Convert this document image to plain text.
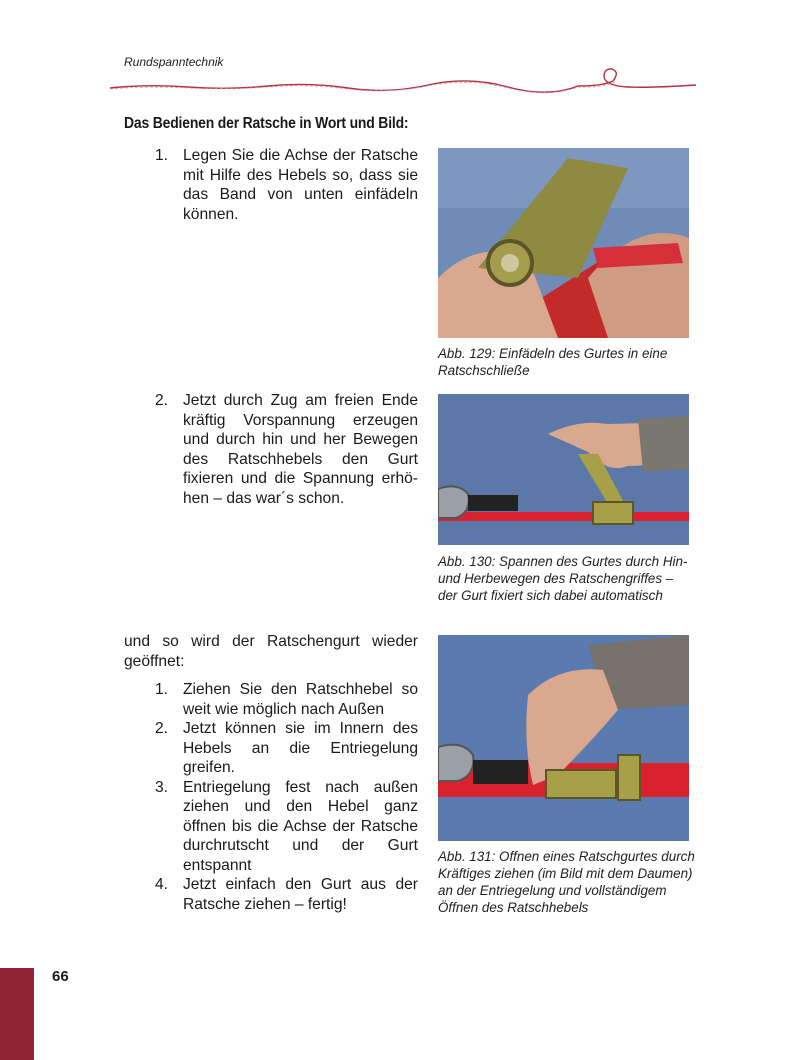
Rundspanntechnik
Das Bedienen der Ratsche in Wort und Bild:
1. Legen Sie die Achse der Ratsche mit Hilfe des Hebels so, dass sie das Band von unten einfädeln können.
Abb. 129: Einfädeln des Gurtes in eine Ratschschließe
2. Jetzt durch Zug am freien Ende kräftig Vorspannung erzeugen und durch hin und her Bewegen des Ratschhebels den Gurt fixieren und die Spannung erhöhen – das war´s schon.
Abb. 130: Spannen des Gurtes durch Hin- und Herbewegen des Ratschengriffes – der Gurt fixiert sich dabei automatisch
und so wird der Ratschengurt wieder geöffnet:
1. Ziehen Sie den Ratschhebel so weit wie möglich nach Außen
2. Jetzt können sie im Innern des Hebels an die Entriegelung greifen.
3. Entriegelung fest nach außen ziehen und den Hebel ganz öffnen bis die Achse der Ratsche durchrutscht und der Gurt entspannt
4. Jetzt einfach den Gurt aus der Ratsche ziehen – fertig!
Abb. 131: Offnen eines Ratschgurtes durch Kräftiges ziehen (im Bild mit dem Daumen) an der Entriegelung und vollständigem Öffnen des Ratschhebels
66
